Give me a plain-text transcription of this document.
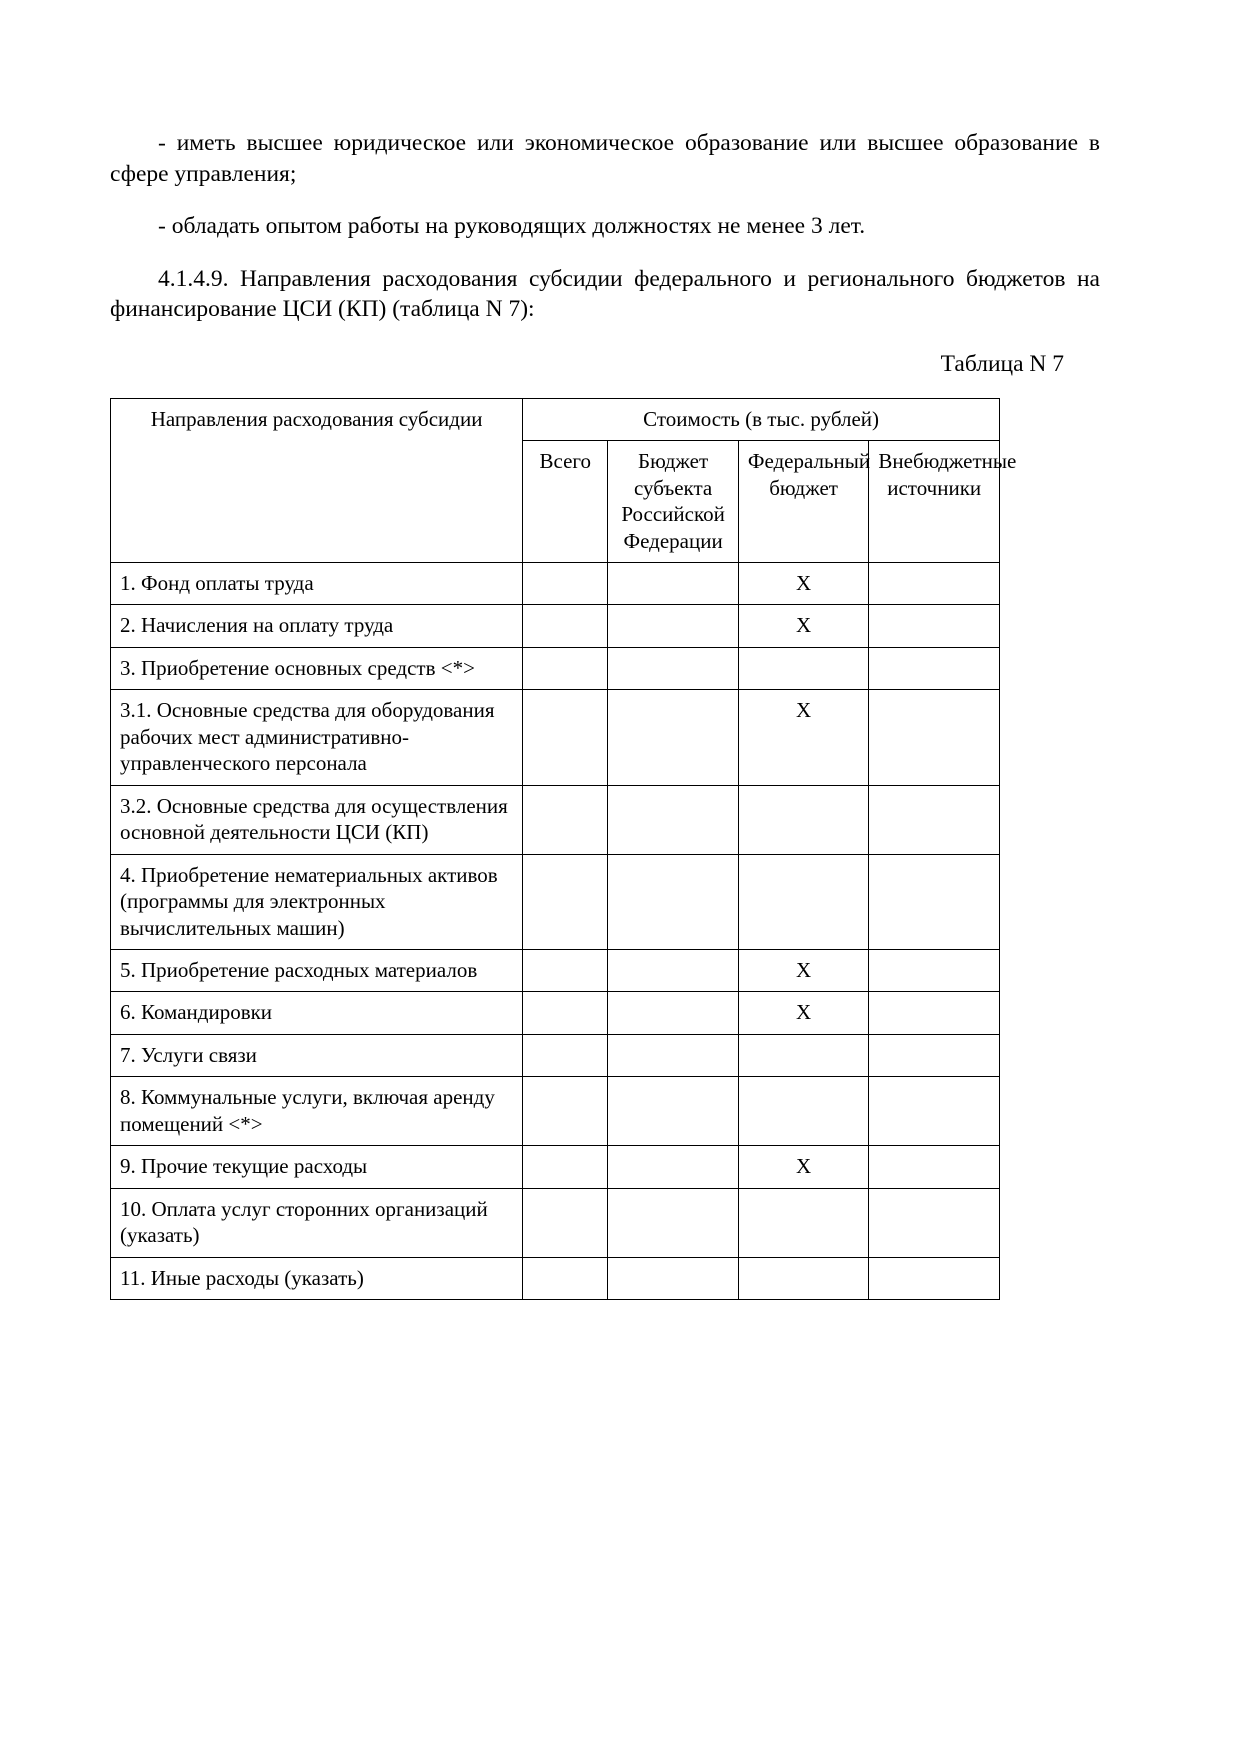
- иметь высшее юридическое или экономическое образование или высшее образование в сфере управления;

- обладать опытом работы на руководящих должностях не менее 3 лет.

4.1.4.9. Направления расходования субсидии федерального и регионального бюджетов на финансирование ЦСИ (КП) (таблица N 7):

Таблица N 7
Направления расходования субсидии	Стоимость (в тыс. рублей)			
	Всего	Бюджет субъекта Российской Федерации	Федеральный бюджет	Внебюджетные источники
1. Фонд оплаты труда			X	
2. Начисления на оплату труда			X	
3. Приобретение основных средств <*>				
3.1. Основные средства для оборудования рабочих мест административно-управленческого персонала			X	
3.2. Основные средства для осуществления основной деятельности ЦСИ (КП)				
4. Приобретение нематериальных активов (программы для электронных вычислительных машин)				
5. Приобретение расходных материалов			X	
6. Командировки			X	
7. Услуги связи				
8. Коммунальные услуги, включая аренду помещений <*>				
9. Прочие текущие расходы			X	
10. Оплата услуг сторонних организаций (указать)				
11. Иные расходы (указать)				
